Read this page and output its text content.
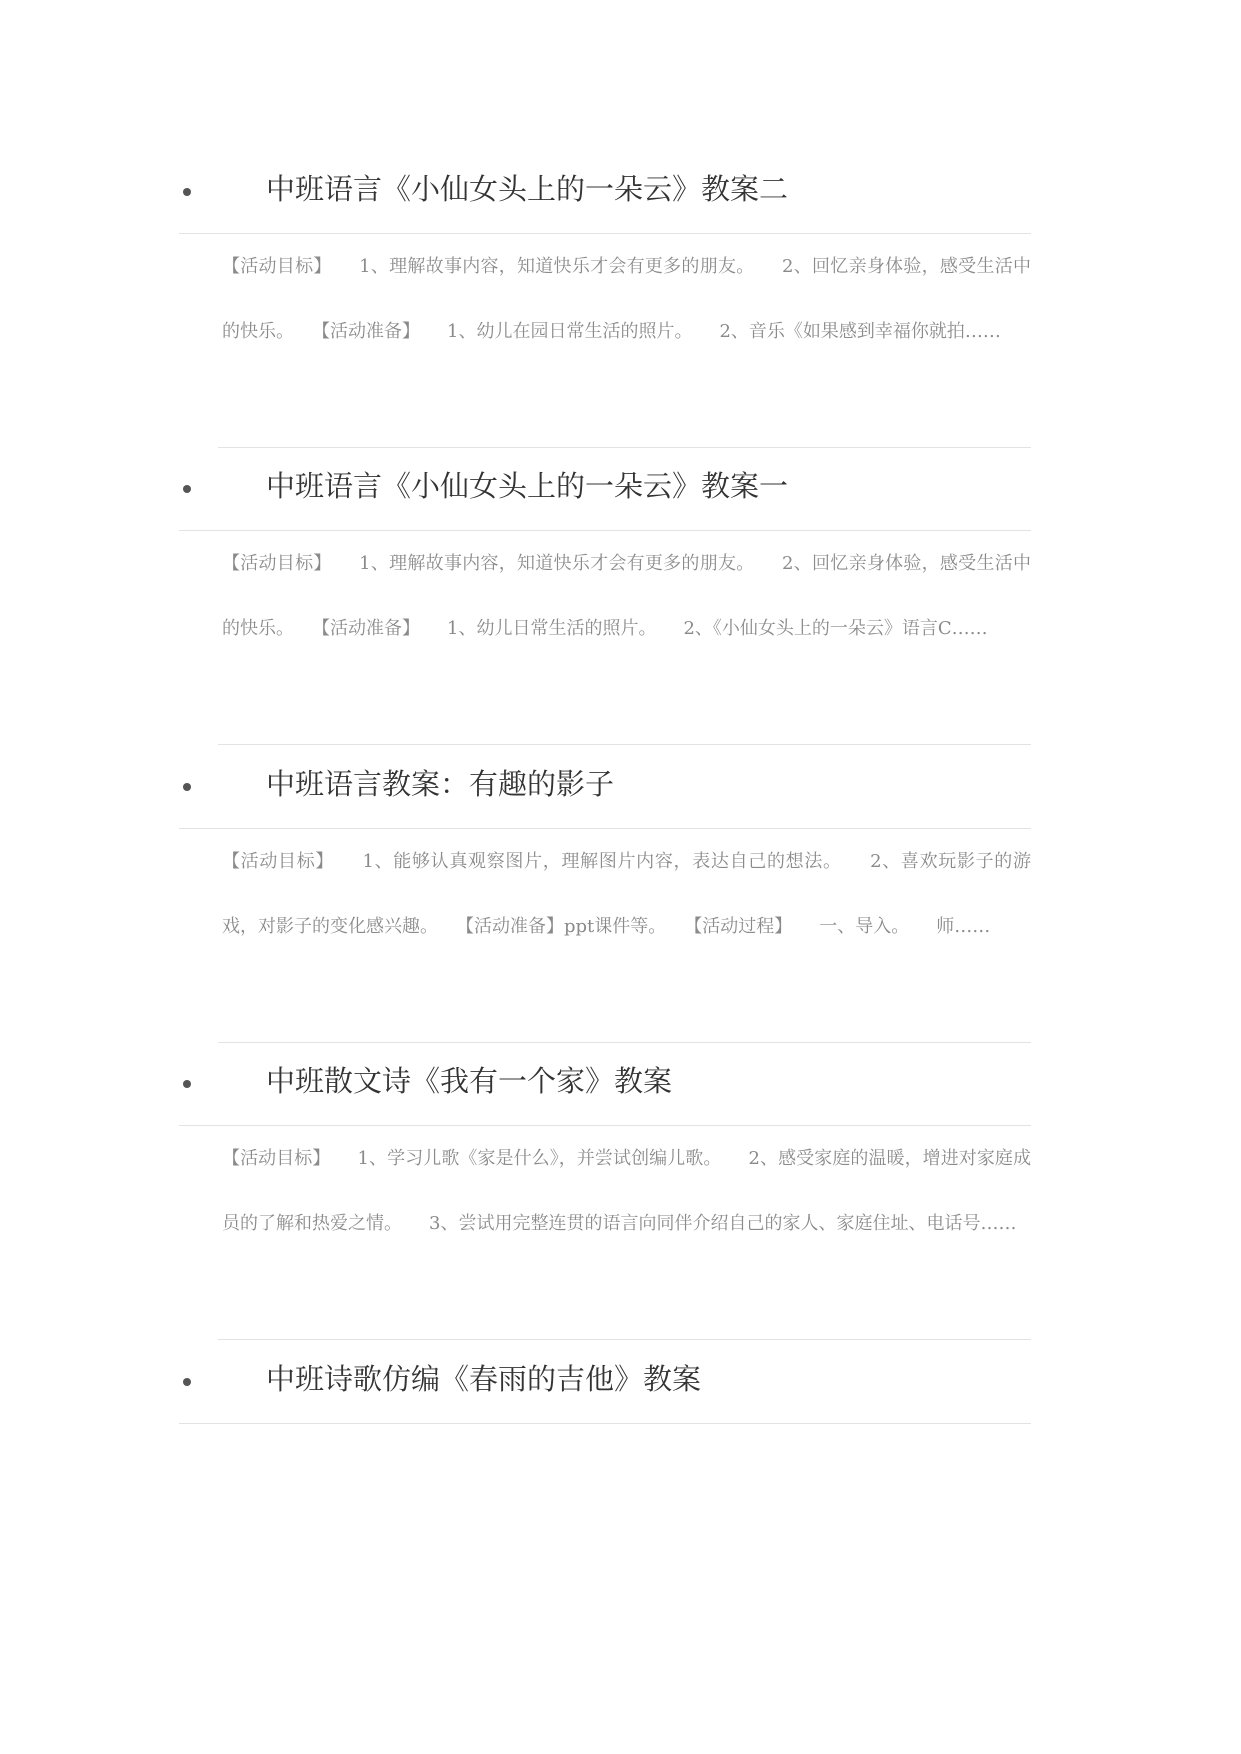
中班语言《小仙女头上的一朵云》教案二
【活动目标】　　1、理解故事内容，知道快乐才会有更多的朋友。　　2、回忆亲身体验，感受生活中的快乐。　　【活动准备】　　1、幼儿在园日常生活的照片。　　2、音乐《如果感到幸福你就拍……
中班语言《小仙女头上的一朵云》教案一
【活动目标】　　1、理解故事内容，知道快乐才会有更多的朋友。　　2、回忆亲身体验，感受生活中的快乐。　　【活动准备】　　1、幼儿日常生活的照片。　　2、《小仙女头上的一朵云》语言C……
中班语言教案：有趣的影子
【活动目标】　　1、能够认真观察图片，理解图片内容，表达自己的想法。　　2、喜欢玩影子的游戏，对影子的变化感兴趣。　　【活动准备】ppt课件等。　　【活动过程】　　一、导入。　　师……
中班散文诗《我有一个家》教案
【活动目标】　　1、学习儿歌《家是什么》，并尝试创编儿歌。　　2、感受家庭的温暖，增进对家庭成员的了解和热爱之情。　　3、尝试用完整连贯的语言向同伴介绍自己的家人、家庭住址、电话号……
中班诗歌仿编《春雨的吉他》教案
